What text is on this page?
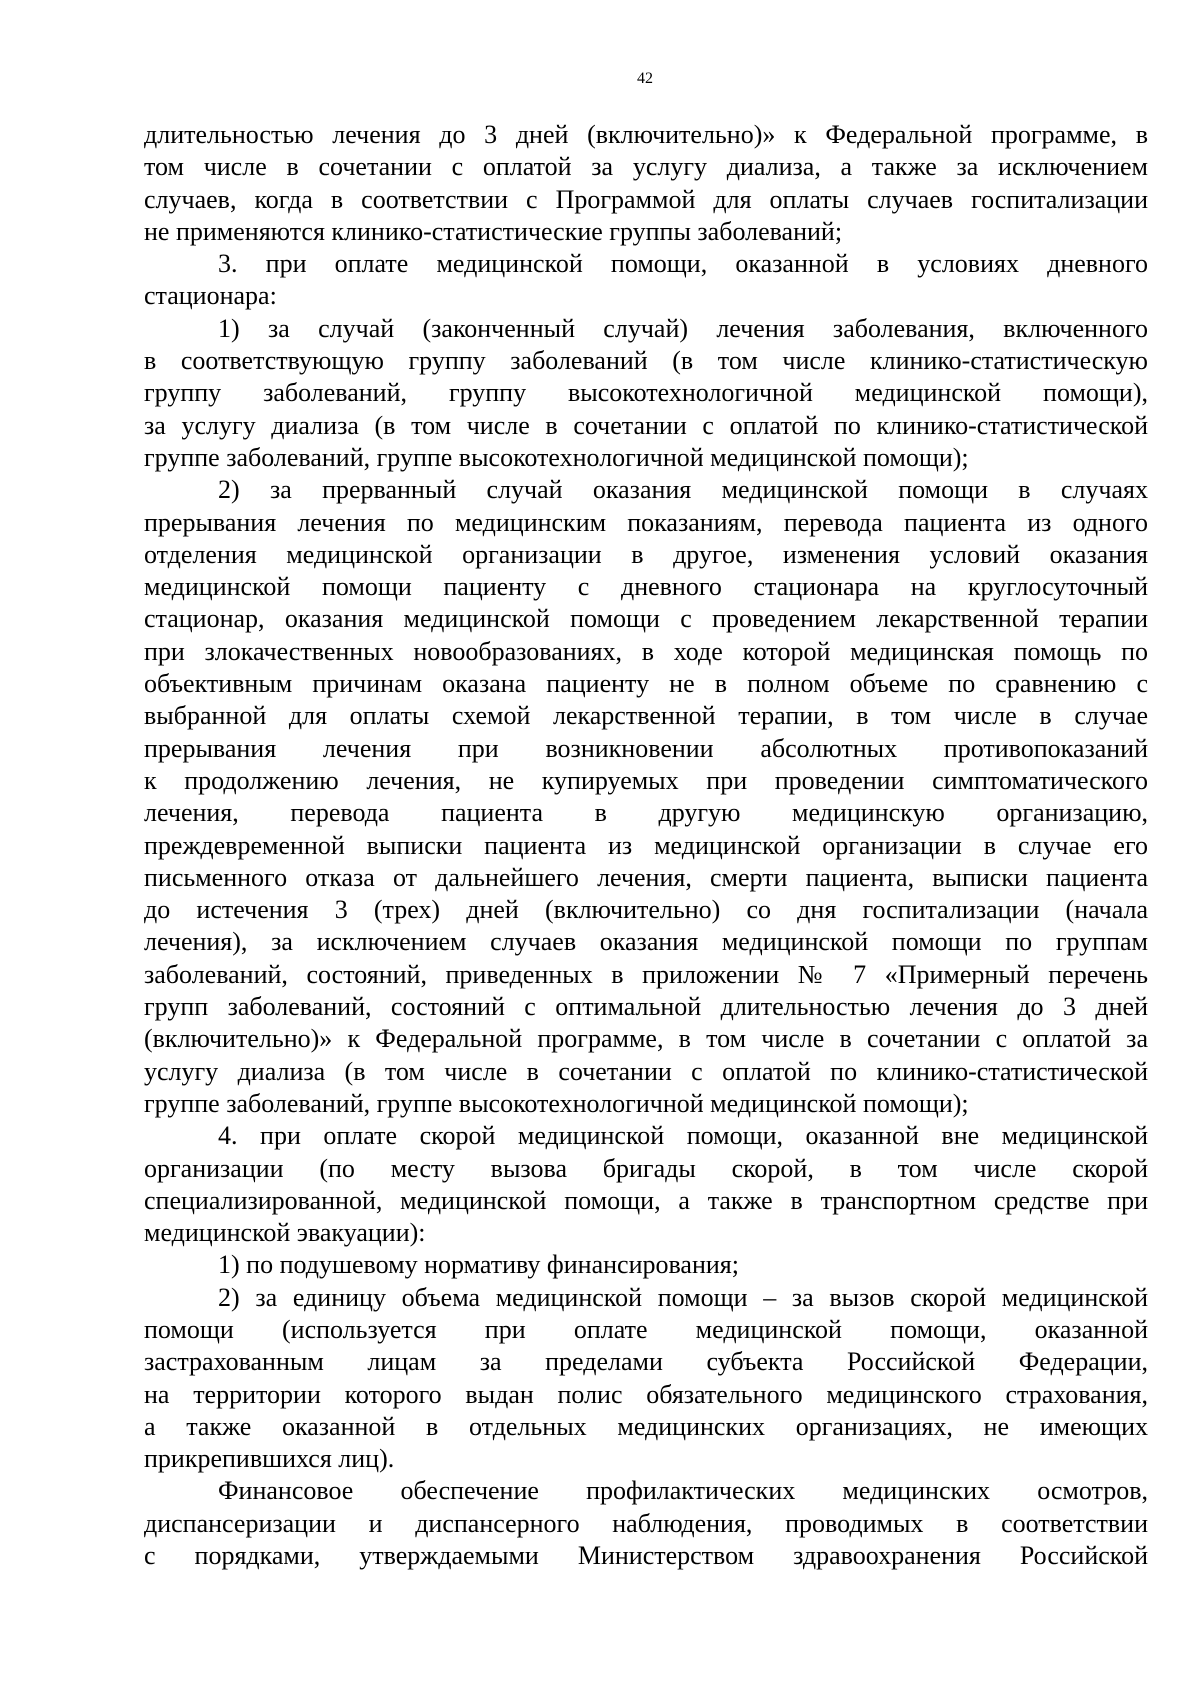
42
длительностью лечения до 3 дней (включительно)» к Федеральной программе, в
том числе в сочетании с оплатой за услугу диализа, а также за исключением
случаев, когда в соответствии с Программой для оплаты случаев госпитализации
не применяются клинико-статистические группы заболеваний;
3. при оплате медицинской помощи, оказанной в условиях дневного
стационара:
1) за случай (законченный случай) лечения заболевания, включенного
в соответствующую группу заболеваний (в том числе клинико-статистическую
группу заболеваний, группу высокотехнологичной медицинской помощи),
за услугу диализа (в том числе в сочетании с оплатой по клинико-статистической
группе заболеваний, группе высокотехнологичной медицинской помощи);
2) за прерванный случай оказания медицинской помощи в случаях
прерывания лечения по медицинским показаниям, перевода пациента из одного
отделения медицинской организации в другое, изменения условий оказания
медицинской помощи пациенту с дневного стационара на круглосуточный
стационар, оказания медицинской помощи с проведением лекарственной терапии
при злокачественных новообразованиях, в ходе которой медицинская помощь по
объективным причинам оказана пациенту не в полном объеме по сравнению с
выбранной для оплаты схемой лекарственной терапии, в том числе в случае
прерывания лечения при возникновении абсолютных противопоказаний
к продолжению лечения, не купируемых при проведении симптоматического
лечения, перевода пациента в другую медицинскую организацию,
преждевременной выписки пациента из медицинской организации в случае его
письменного отказа от дальнейшего лечения, смерти пациента, выписки пациента
до истечения 3 (трех) дней (включительно) со дня госпитализации (начала
лечения), за исключением случаев оказания медицинской помощи по группам
заболеваний, состояний, приведенных в приложении № 7 «Примерный перечень
групп заболеваний, состояний с оптимальной длительностью лечения до 3 дней
(включительно)» к Федеральной программе, в том числе в сочетании с оплатой за
услугу диализа (в том числе в сочетании с оплатой по клинико-статистической
группе заболеваний, группе высокотехнологичной медицинской помощи);
4. при оплате скорой медицинской помощи, оказанной вне медицинской
организации (по месту вызова бригады скорой, в том числе скорой
специализированной, медицинской помощи, а также в транспортном средстве при
медицинской эвакуации):
1) по подушевому нормативу финансирования;
2) за единицу объема медицинской помощи – за вызов скорой медицинской
помощи (используется при оплате медицинской помощи, оказанной
застрахованным лицам за пределами субъекта Российской Федерации,
на территории которого выдан полис обязательного медицинского страхования,
а также оказанной в отдельных медицинских организациях, не имеющих
прикрепившихся лиц).
Финансовое обеспечение профилактических медицинских осмотров,
диспансеризации и диспансерного наблюдения, проводимых в соответствии
с порядками, утверждаемыми Министерством здравоохранения Российской
